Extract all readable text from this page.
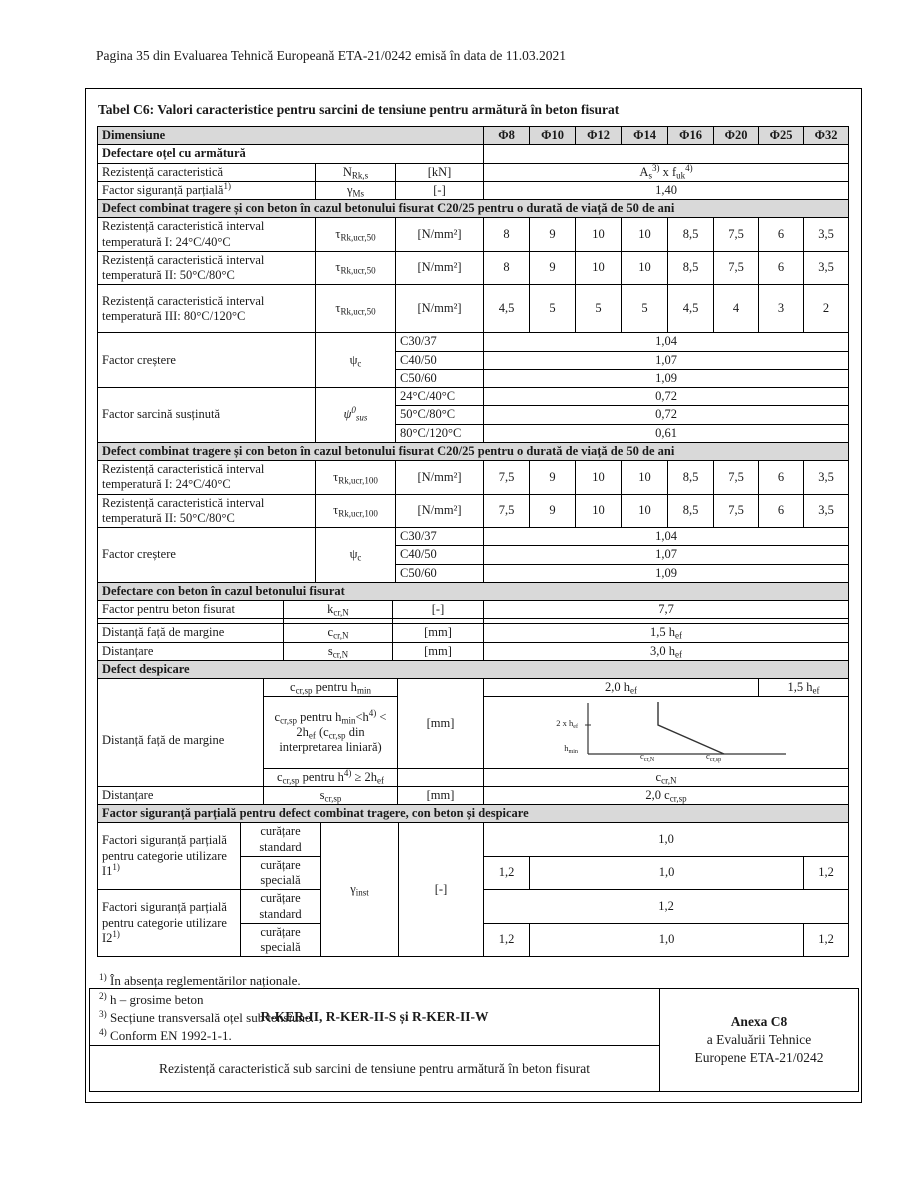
Pagina 35 din Evaluarea Tehnică Europeană ETA-21/0242 emisă în data de 11.03.2021
Tabel C6: Valori caracteristice pentru sarcini de tensiune pentru armătură în beton fisurat
Dimensiune			Φ8	Φ10	Φ12	Φ14	Φ16	Φ20	Φ25	Φ32
Defectare oțel cu armătură										
Rezistență caracteristică	$N_{Rk,s}$	[kN]	$A_s^{3)}$ x $f_{uk}^{4)}$
Factor siguranță parțială$^{1)}$	$\gamma_{Ms}$	[-]	1,40							
Defect combinat tragere și con beton în cazul betonului fisurat C20/25 pentru o durată de viață de 50 de ani										
Rezistență caracteristică interval temperatură I: 24°C/40°C	$\tau_{Rk,ucr,50}$	[N/mm²]	8	9	10	10	8,5	7,5	6	3,5
Rezistență caracteristică interval temperatură II: 50°C/80°C	$\tau_{Rk,ucr,50}$	[N/mm²]	8	9	10	10	8,5	7,5	6	3,5
Rezistență caracteristică interval temperatură III: 80°C/120°C	$\tau_{Rk,ucr,50}$	[N/mm²]	4,5	5	5	5	4,5	4	3	2
Factor creștere	$\psi_c$	C30/37	1,04							
		C40/50	1,07							
		C50/60	1,09							
Factor sarcină susținută	$\psi^0_{sus}$	24°C/40°C	0,72							
		50°C/80°C	0,72							
		80°C/120°C	0,61							
Defect combinat tragere și con beton în cazul betonului fisurat C20/25 pentru o durată de viață de 50 de ani										
Rezistență caracteristică interval temperatură I: 24°C/40°C	$\tau_{Rk,ucr,100}$	[N/mm²]	7,5	9	10	10	8,5	7,5	6	3,5
Rezistență caracteristică interval temperatură II: 50°C/80°C	$\tau_{Rk,ucr,100}$	[N/mm²]	7,5	9	10	10	8,5	7,5	6	3,5
Factor creștere	$\psi_c$	C30/37	1,04							
		C40/50	1,07							
		C50/60	1,09							
Defectare con beton în cazul betonului fisurat			
Factor pentru beton fisurat	$k_{cr,N}$	[-]	7,7

Distanță față de margine	$c_{cr,N}$	[mm]	1,5 $h_{ef}$
Distanțare	$s_{cr,N}$	[mm]	3,0 $h_{ef}$
Defect despicare				
Distanță față de margine	$c_{cr,sp}$ pentru $h_{min}$	[mm]	2,0 $h_{ef}$	1,5 $h_{ef}$
	$c_{cr,sp}$ pentru $h_{min}<h^{4)} < 2h_{ef}$ ($c_{cr,sp}$ din interpretarea liniară)		2 x $h_{ef}$
$h_{min}$ $c_{cr,N}$ $c_{cr,sp}$

	$c_{cr,sp}$ pentru $h^{4)} \ge 2h_{ef}$		$c_{cr,N}$
Distanțare	$s_{cr,sp}$	[mm]	2,0 $c_{cr,sp}$
Factor siguranță parțială pentru defect combinat tragere, con beton și despicare						
Factori siguranță parțială pentru categorie utilizare I1$^{1)}$	curățare standard	$\gamma_{inst}$	[-]	1,0		
	curățare specială			1,2	1,0	1,2
Factori siguranță parțială pentru categorie utilizare I2$^{1)}$	curățare standard			1,2		
	curățare specială			1,2	1,0	1,2
$^{1)}$ În absența reglementărilor naționale.
$^{2)}$ h – grosime beton
$^{3)}$ Secțiune transversală oțel sub tensiune.
$^{4)}$ Conform EN 1992-1-1.
R-KER-II, R-KER-II-S și R-KER-II-W	Anexa C8
a Evaluării Tehnice
Europene ETA-21/0242

Rezistență caracteristică sub sarcini de tensiune pentru armătură în beton fisurat
